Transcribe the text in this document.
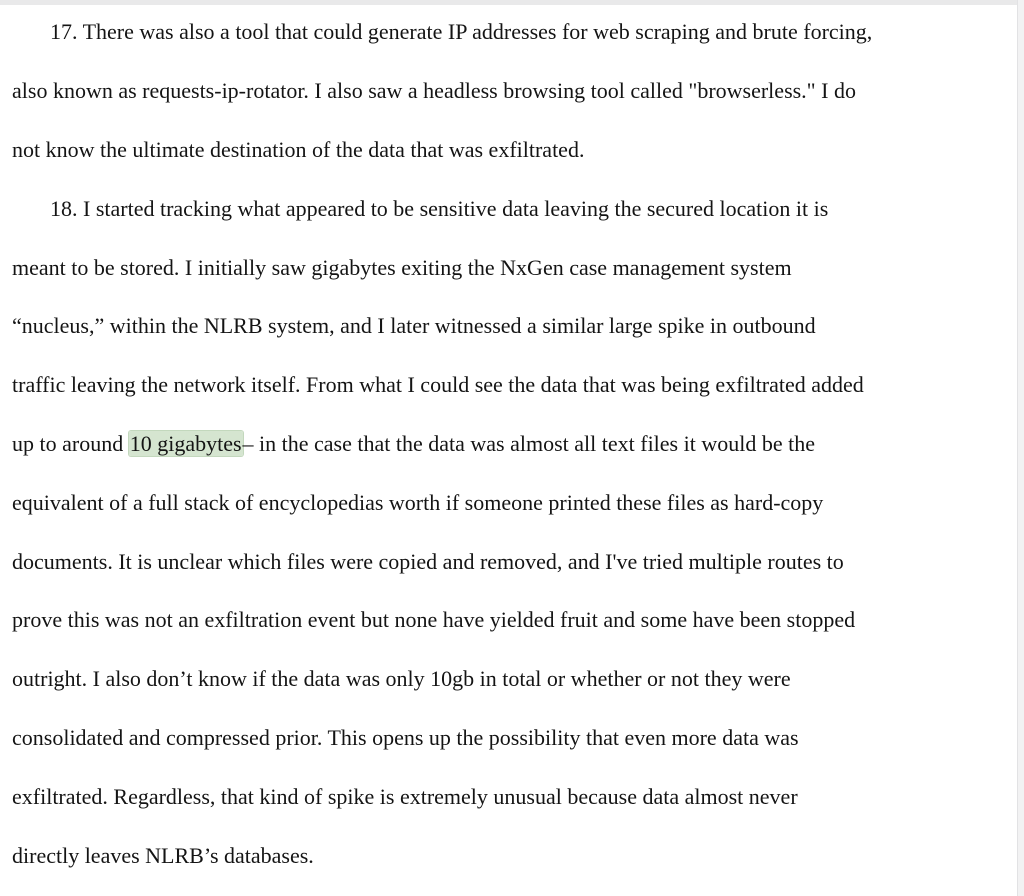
17. There was also a tool that could generate IP addresses for web scraping and brute forcing,
also known as requests-ip-rotator. I also saw a headless browsing tool called "browserless." I do
not know the ultimate destination of the data that was exfiltrated.
18. I started tracking what appeared to be sensitive data leaving the secured location it is
meant to be stored. I initially saw gigabytes exiting the NxGen case management system
“nucleus,” within the NLRB system, and I later witnessed a similar large spike in outbound
traffic leaving the network itself. From what I could see the data that was being exfiltrated added
up to around 10 gigabytes– in the case that the data was almost all text files it would be the
equivalent of a full stack of encyclopedias worth if someone printed these files as hard-copy
documents. It is unclear which files were copied and removed, and I've tried multiple routes to
prove this was not an exfiltration event but none have yielded fruit and some have been stopped
outright. I also don’t know if the data was only 10gb in total or whether or not they were
consolidated and compressed prior. This opens up the possibility that even more data was
exfiltrated. Regardless, that kind of spike is extremely unusual because data almost never
directly leaves NLRB’s databases.
